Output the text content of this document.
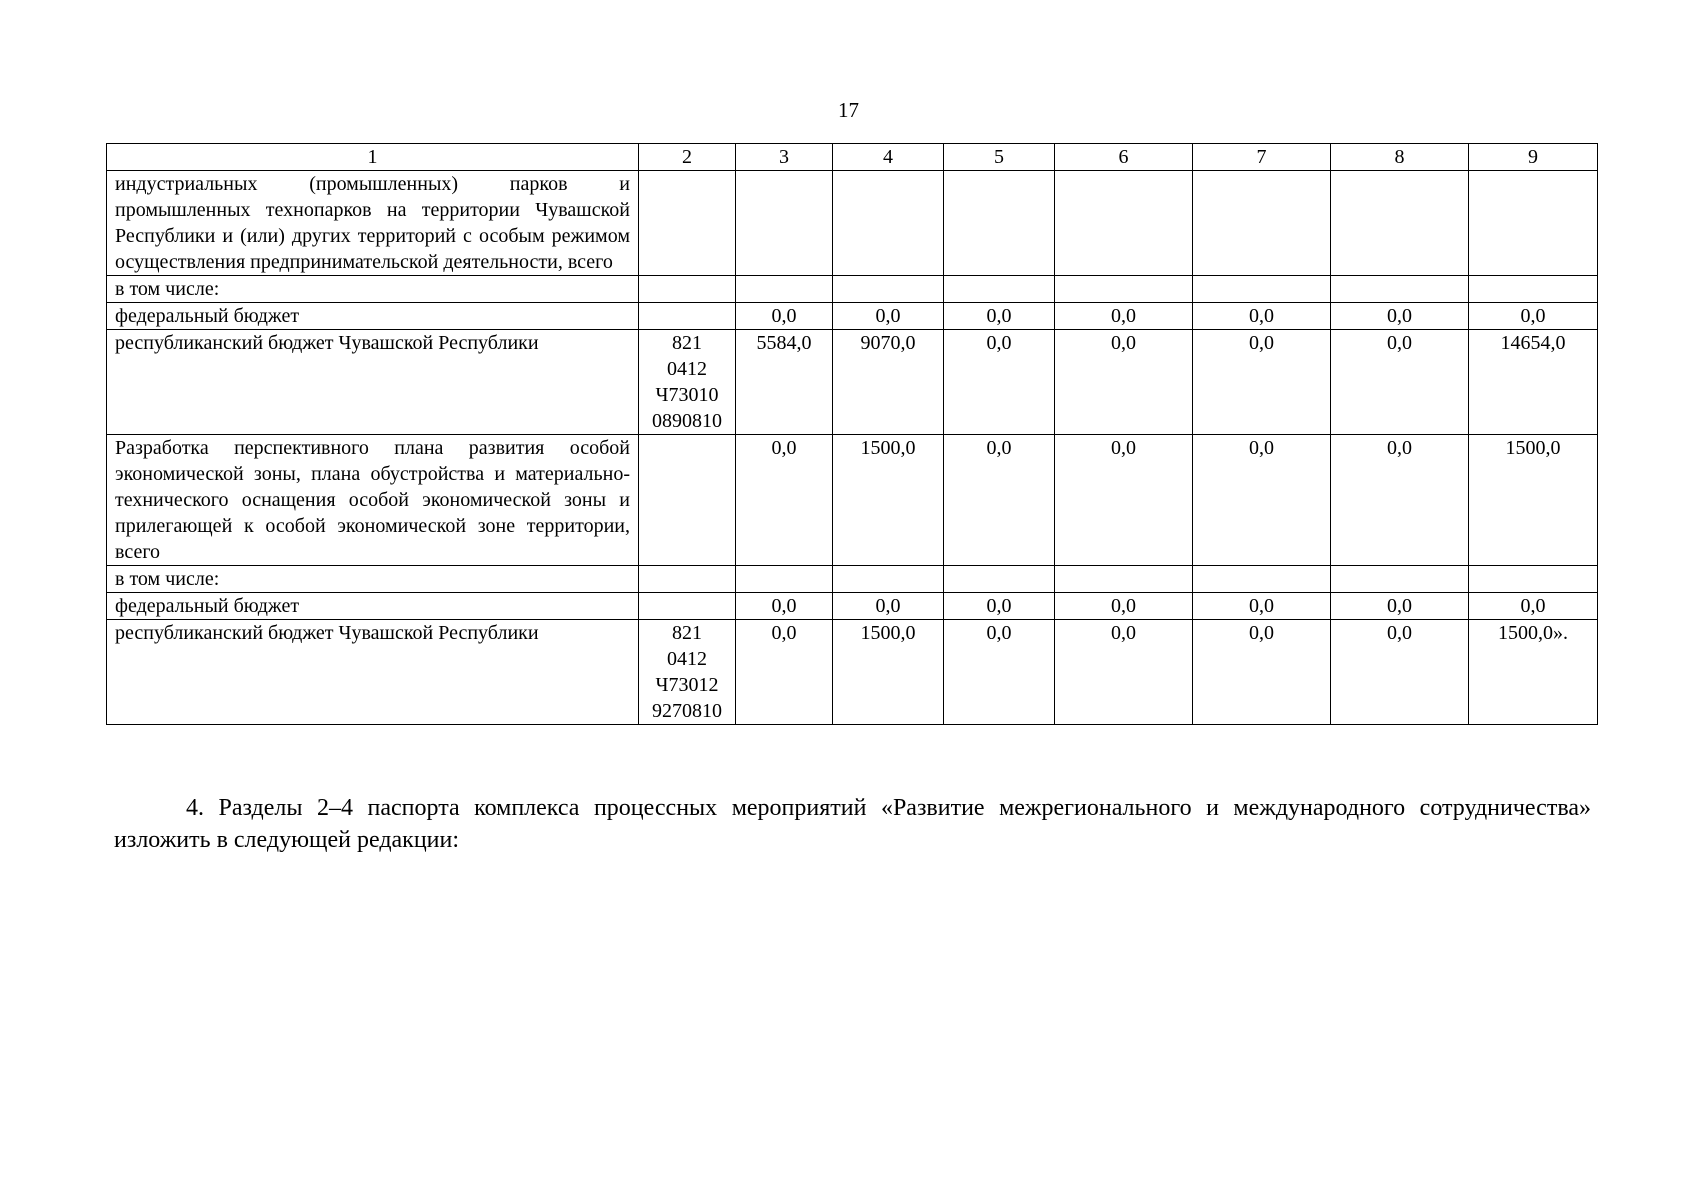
17
1	2	3	4	5	6	7	8	9
индустриальных (промышленных) парков и промышленных технопарков на территории Чувашской Республики и (или) других территорий с особым режимом осуществления предпринимательской деятельности, всего								
в том числе:								
федеральный бюджет		0,0	0,0	0,0	0,0	0,0	0,0	0,0
республиканский бюджет Чувашской Республики	821
0412
Ч73010
0890810	5584,0	9070,0	0,0	0,0	0,0	0,0	14654,0
Разработка перспективного плана развития особой экономической зоны, плана обустройства и материально-технического оснащения особой экономической зоны и прилегающей к особой экономической зоне территории, всего		0,0	1500,0	0,0	0,0	0,0	0,0	1500,0
в том числе:								
федеральный бюджет		0,0	0,0	0,0	0,0	0,0	0,0	0,0
республиканский бюджет Чувашской Республики	821
0412
Ч73012
9270810	0,0	1500,0	0,0	0,0	0,0	0,0	1500,0».
4. Разделы 2–4 паспорта комплекса процессных мероприятий «Развитие межрегионального и международного сотрудничества» изложить в следующей редакции:
